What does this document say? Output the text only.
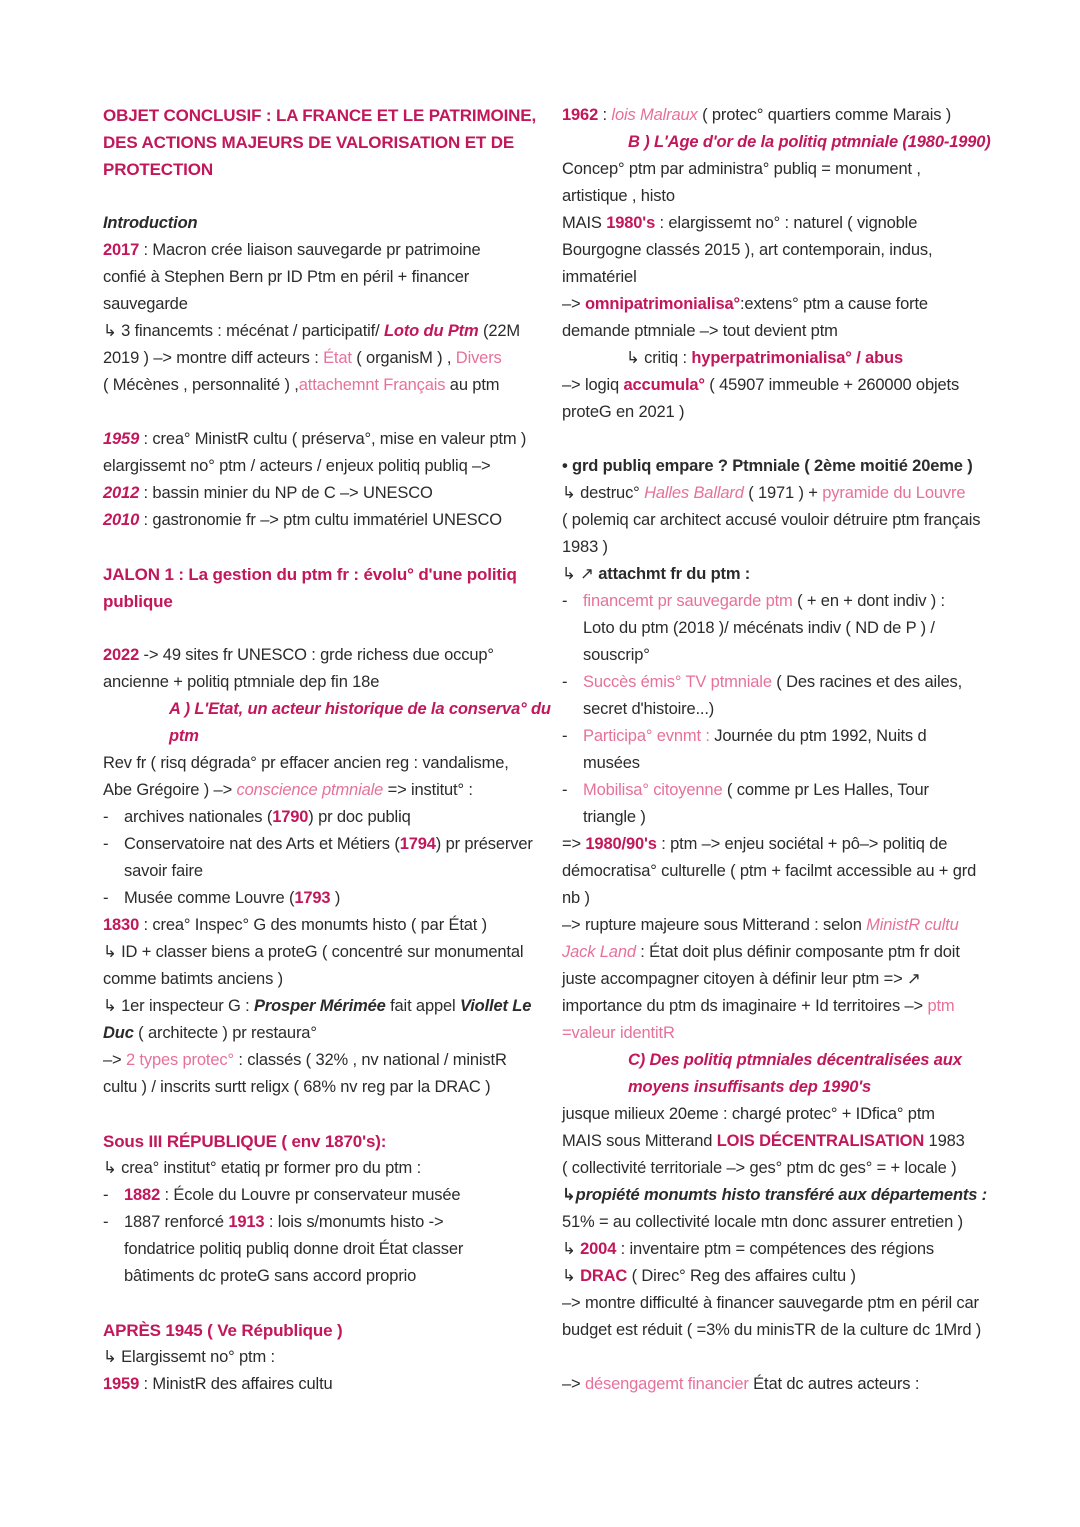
OBJET CONCLUSIF : LA FRANCE ET LE PATRIMOINE,
DES ACTIONS MAJEURS DE VALORISATION ET DE
PROTECTION
Introduction
2017 : Macron crée liaison sauvegarde pr patrimoine
confié à Stephen Bern pr ID Ptm en péril + financer
sauvegarde
↳ 3 financemts : mécénat / participatif/ Loto du Ptm (22M
2019 ) –> montre diff acteurs : État ( organisM ) , Divers
( Mécènes , personnalité ) ,attachemnt Français au ptm
1959 : crea° MinistR cultu ( préserva°, mise en valeur ptm )
elargissemt no° ptm / acteurs / enjeux politiq publiq –>
2012 : bassin minier du NP de C –> UNESCO
2010 : gastronomie fr –> ptm cultu immatériel UNESCO
JALON 1 : La gestion du ptm fr : évolu° d'une politiq
publique
2022 -> 49 sites fr UNESCO : grde richess due occup°
ancienne + politiq ptmniale dep fin 18e
A ) L'Etat, un acteur historique de la conserva° du
ptm
Rev fr ( risq dégrada° pr effacer ancien reg : vandalisme,
Abe Grégoire ) –> conscience ptmniale => institut° :
- archives nationales (1790) pr doc publiq
- Conservatoire nat des Arts et Métiers (1794) pr préserver
savoir faire
- Musée comme Louvre (1793 )
1830 : crea° Inspec° G des monumts histo ( par État )
↳ ID + classer biens a proteG ( concentré sur monumental
comme batimts anciens )
↳ 1er inspecteur G : Prosper Mérimée fait appel Viollet Le
Duc ( architecte ) pr restaura°
–> 2 types protec° : classés ( 32% , nv national / ministR
cultu ) / inscrits surtt religx ( 68% nv reg par la DRAC )
Sous III RÉPUBLIQUE ( env 1870's):
↳ crea° institut° etatiq pr former pro du ptm :
- 1882 : École du Louvre pr conservateur musée
- 1887 renforcé 1913 : lois s/monumts histo ->
fondatrice politiq publiq donne droit État classer
bâtiments dc proteG sans accord proprio
APRÈS 1945 ( Ve République )
↳ Elargissemt no° ptm :
1959 : MinistR des affaires cultu
1962 : lois Malraux ( protec° quartiers comme Marais )
B ) L'Age d'or de la politiq ptmniale (1980-1990)
Concep° ptm par administra° publiq = monument ,
artistique , histo
MAIS 1980's : elargissemt no° : naturel ( vignoble
Bourgogne classés 2015 ), art contemporain, indus,
immatériel
–> omnipatrimonialisa°:extens° ptm a cause forte
demande ptmniale –> tout devient ptm
↳ critiq : hyperpatrimonialisa° / abus
–> logiq accumula° ( 45907 immeuble + 260000 objets
proteG en 2021 )
• grd publiq empare ? Ptmniale ( 2ème moitié 20eme )
↳ destruc° Halles Ballard ( 1971 ) + pyramide du Louvre
( polemiq car architect accusé vouloir détruire ptm français
1983 )
↳ ↗ attachmt fr du ptm :
- financemt pr sauvegarde ptm ( + en + dont indiv ) :
Loto du ptm (2018 )/ mécénats indiv ( ND de P ) /
souscrip°
- Succès émis° TV ptmniale ( Des racines et des ailes,
secret d'histoire...)
- Participa° evnmt : Journée du ptm 1992, Nuits d
musées
- Mobilisa° citoyenne ( comme pr Les Halles, Tour
triangle )
=> 1980/90's : ptm –> enjeu sociétal + pô–> politiq de
démocratisa° culturelle ( ptm + facilmt accessible au + grd
nb )
–> rupture majeure sous Mitterand : selon MinistR cultu
Jack Land : État doit plus définir composante ptm fr doit
juste accompagner citoyen à définir leur ptm => ↗
importance du ptm ds imaginaire + Id territoires –> ptm
=valeur identitR
C) Des politiq ptmniales décentralisées aux
moyens insuffisants dep 1990's
jusque milieux 20eme : chargé protec° + IDfica° ptm
MAIS sous Mitterand LOIS DÉCENTRALISATION 1983
( collectivité territoriale –> ges° ptm dc ges° = + locale )
↳propiété monumts histo transféré aux départements :
51% = au collectivité locale mtn donc assurer entretien )
↳ 2004 : inventaire ptm = compétences des régions
↳ DRAC ( Direc° Reg des affaires cultu )
–> montre difficulté à financer sauvegarde ptm en péril car
budget est réduit ( =3% du minisTR de la culture dc 1Mrd )
–> désengagemt financier État dc autres acteurs :
